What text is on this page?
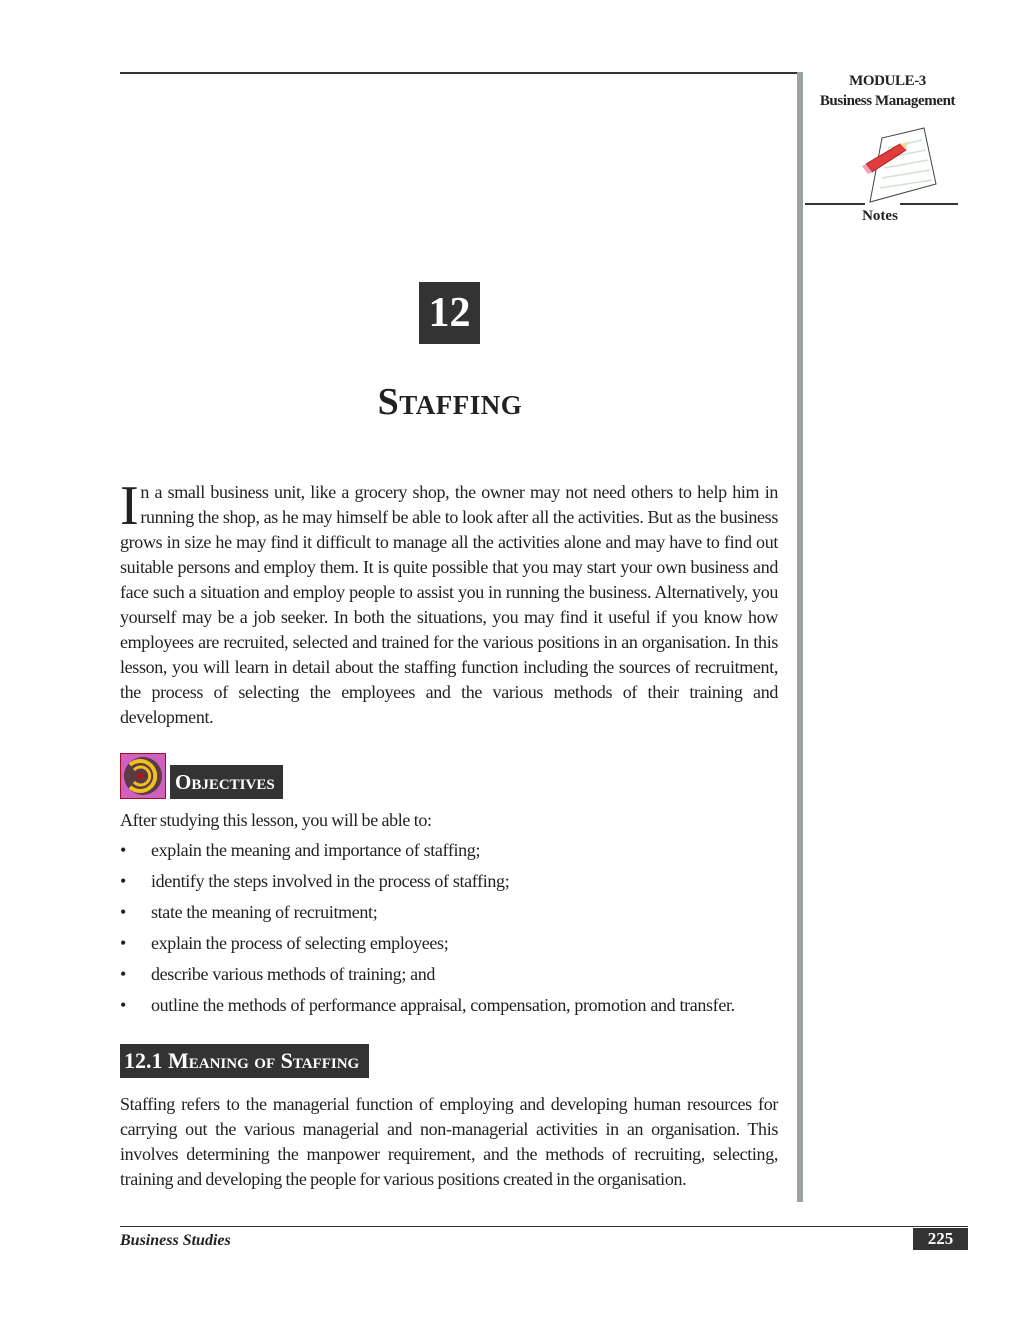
MODULE-3
Business Management
Notes
12
Staffing
In a small business unit, like a grocery shop, the owner may not need others to help him in running the shop, as he may himself be able to look after all the activities. But as the business grows in size he may find it difficult to manage all the activities alone and may have to find out suitable persons and employ them. It is quite possible that you may start your own business and face such a situation and employ people to assist you in running the business. Alternatively, you yourself may be a job seeker. In both the situations, you may find it useful if you know how employees are recruited, selected and trained for the various positions in an organisation. In this lesson, you will learn in detail about the staffing function including the sources of recruitment, the process of selecting the employees and the various methods of their training and development.
Objectives
After studying this lesson, you will be able to:
• explain the meaning and importance of staffing;
• identify the steps involved in the process of staffing;
• state the meaning of recruitment;
• explain the process of selecting employees;
• describe various methods of training; and
• outline the methods of performance appraisal, compensation, promotion and transfer.
12.1 Meaning of Staffing
Staffing refers to the managerial function of employing and developing human resources for carrying out the various managerial and non-managerial activities in an organisation. This involves determining the manpower requirement, and the methods of recruiting, selecting, training and developing the people for various positions created in the organisation.
Business Studies	225
